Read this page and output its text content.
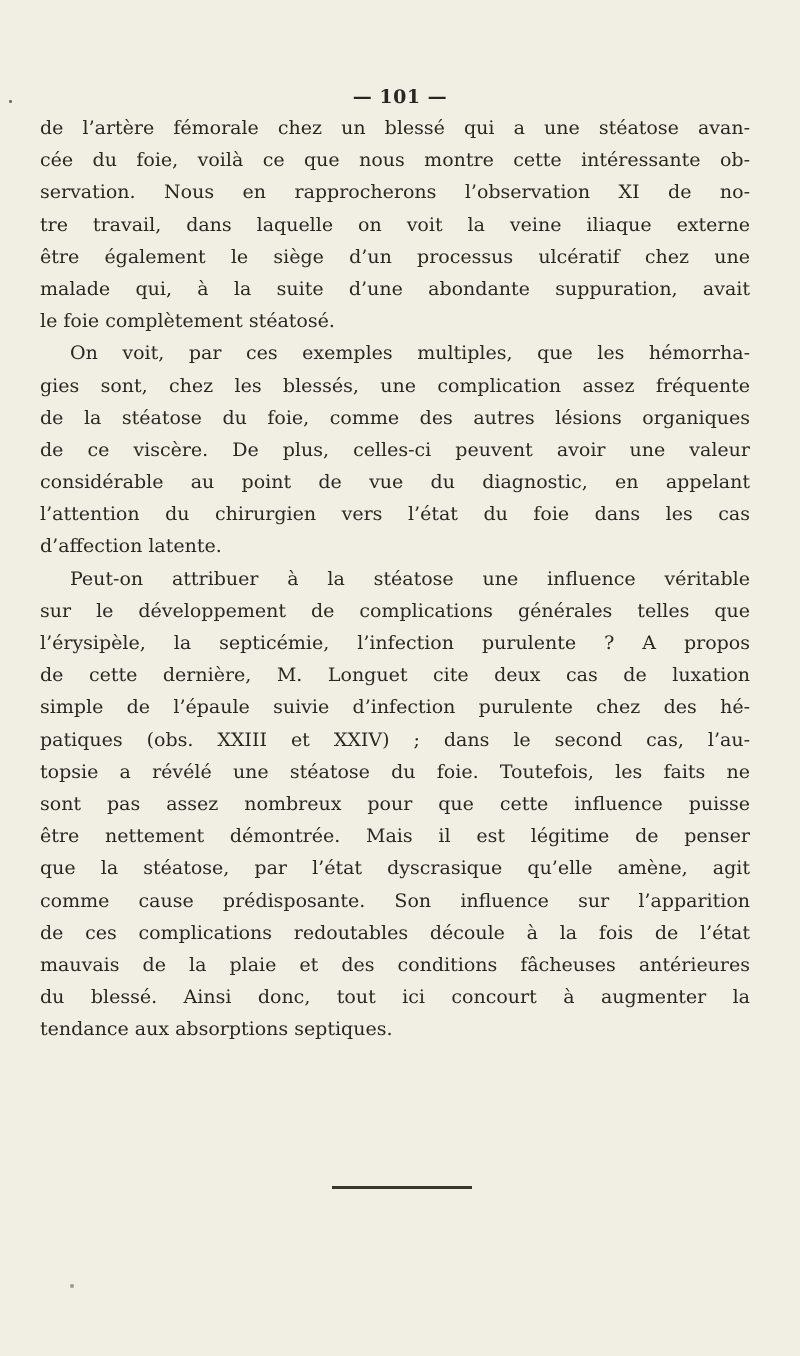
— 101 —
de l’artère fémorale chez un blessé qui a une stéatose avan-
cée du foie, voilà ce que nous montre cette intéressante ob-
servation. Nous en rapprocherons l’observation XI de no-
tre travail, dans laquelle on voit la veine iliaque externe
être également le siège d’un processus ulcératif chez une
malade qui, à la suite d’une abondante suppuration, avait
le foie complètement stéatosé.
On voit, par ces exemples multiples, que les hémorrha-
gies sont, chez les blessés, une complication assez fréquente
de la stéatose du foie, comme des autres lésions organiques
de ce viscère. De plus, celles-ci peuvent avoir une valeur
considérable au point de vue du diagnostic, en appelant
l’attention du chirurgien vers l’état du foie dans les cas
d’affection latente.
Peut-on attribuer à la stéatose une influence véritable
sur le développement de complications générales telles que
l’érysipèle, la septicémie, l’infection purulente ? A propos
de cette dernière, M. Longuet cite deux cas de luxation
simple de l’épaule suivie d’infection purulente chez des hé-
patiques (obs. XXIII et XXIV) ; dans le second cas, l’au-
topsie a révélé une stéatose du foie. Toutefois, les faits ne
sont pas assez nombreux pour que cette influence puisse
être nettement démontrée. Mais il est légitime de penser
que la stéatose, par l’état dyscrasique qu’elle amène, agit
comme cause prédisposante. Son influence sur l’apparition
de ces complications redoutables découle à la fois de l’état
mauvais de la plaie et des conditions fâcheuses antérieures
du blessé. Ainsi donc, tout ici concourt à augmenter la
tendance aux absorptions septiques.
